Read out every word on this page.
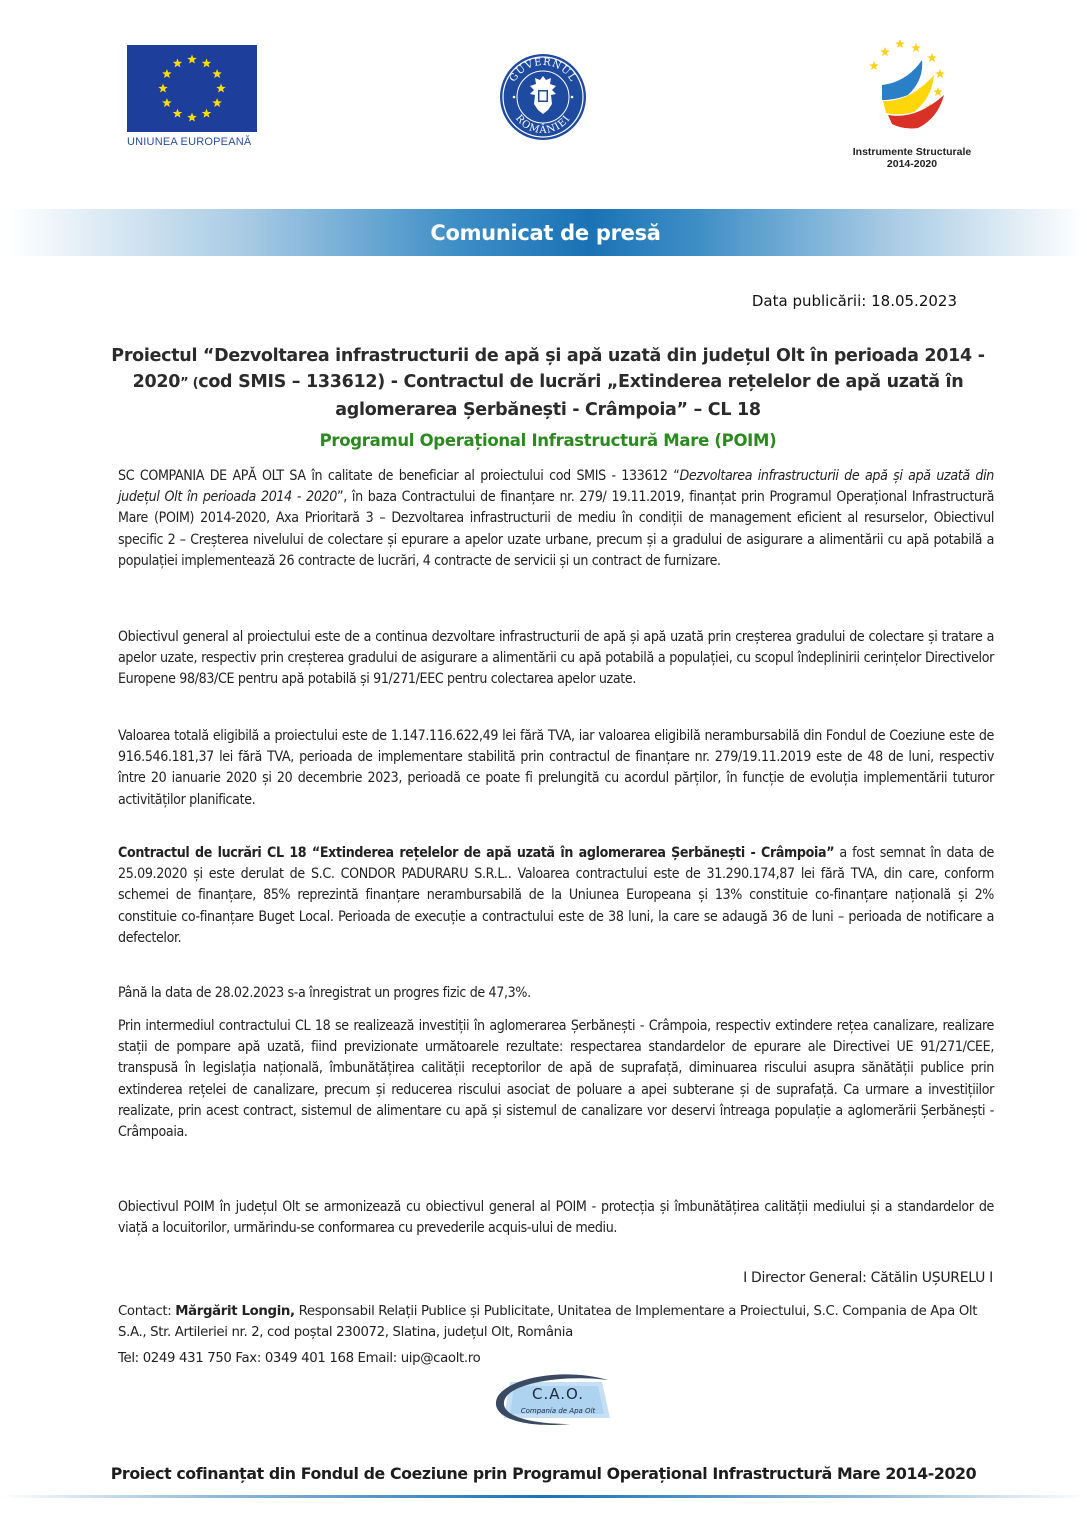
UNIUNEA EUROPEANĂ
GUVERNUL
ROMÂNIEI
Instrumente Structurale
2014-2020
Comunicat de presă
Data publicării: 18.05.2023
Proiectul “Dezvoltarea infrastructurii de apă și apă uzată din județul Olt în perioada 2014 - 2020” (cod SMIS – 133612) - Contractul de lucrări „Extinderea rețelelor de apă uzată în aglomerarea Șerbănești - Crâmpoia” – CL 18
Programul Operațional Infrastructură Mare (POIM)
SC COMPANIA DE APĂ OLT SA în calitate de beneficiar al proiectului cod SMIS - 133612 “Dezvoltarea infrastructurii de apă și apă uzată din județul Olt în perioada 2014 - 2020”, în baza Contractului de finanțare nr. 279/ 19.11.2019, finanțat prin Programul Operațional Infrastructură Mare (POIM) 2014-2020, Axa Prioritară 3 – Dezvoltarea infrastructurii de mediu în condiții de management eficient al resurselor, Obiectivul specific 2 – Creșterea nivelului de colectare și epurare a apelor uzate urbane, precum și a gradului de asigurare a alimentării cu apă potabilă a populației implementează 26 contracte de lucrări, 4 contracte de servicii și un contract de furnizare.
Obiectivul general al proiectului este de a continua dezvoltare infrastructurii de apă și apă uzată prin creșterea gradului de colectare și tratare a apelor uzate, respectiv prin creșterea gradului de asigurare a alimentării cu apă potabilă a populației, cu scopul îndeplinirii cerințelor Directivelor Europene 98/83/CE pentru apă potabilă și 91/271/EEC pentru colectarea apelor uzate.
Valoarea totală eligibilă a proiectului este de 1.147.116.622,49 lei fără TVA, iar valoarea eligibilă nerambursabilă din Fondul de Coeziune este de 916.546.181,37 lei fără TVA, perioada de implementare stabilită prin contractul de finanțare nr. 279/19.11.2019 este de 48 de luni, respectiv între 20 ianuarie 2020 și 20 decembrie 2023, perioadă ce poate fi prelungită cu acordul părților, în funcție de evoluția implementării tuturor activităților planificate.
Contractul de lucrări CL 18 “Extinderea rețelelor de apă uzată în aglomerarea Șerbănești - Crâmpoia” a fost semnat în data de 25.09.2020 și este derulat de S.C. CONDOR PADURARU S.R.L.. Valoarea contractului este de 31.290.174,87 lei fără TVA, din care, conform schemei de finanțare, 85% reprezintă finanțare nerambursabilă de la Uniunea Europeana și 13% constituie co-finanțare națională și 2% constituie co-finanțare Buget Local. Perioada de execuție a contractului este de 38 luni, la care se adaugă 36 de luni – perioada de notificare a defectelor.
Până la data de 28.02.2023 s-a înregistrat un progres fizic de 47,3%.
Prin intermediul contractului CL 18 se realizează investiții în aglomerarea Șerbănești - Crâmpoia, respectiv extindere rețea canalizare, realizare stații de pompare apă uzată, fiind previzionate următoarele rezultate: respectarea standardelor de epurare ale Directivei UE 91/271/CEE, transpusă în legislația națională, îmbunătățirea calității receptorilor de apă de suprafață, diminuarea riscului asupra sănătății publice prin extinderea rețelei de canalizare, precum și reducerea riscului asociat de poluare a apei subterane și de suprafață. Ca urmare a investițiilor realizate, prin acest contract, sistemul de alimentare cu apă și sistemul de canalizare vor deservi întreaga populație a aglomerării Șerbănești - Crâmpoaia.
Obiectivul POIM în județul Olt se armonizează cu obiectivul general al POIM - protecția și îmbunătățirea calității mediului și a standardelor de viață a locuitorilor, urmărindu-se conformarea cu prevederile acquis-ului de mediu.
I Director General: Cătălin UȘURELU I
Contact: Mărgărit Longin, Responsabil Relații Publice și Publicitate, Unitatea de Implementare a Proiectului, S.C. Compania de Apa Olt S.A., Str. Artileriei nr. 2, cod poștal 230072, Slatina, județul Olt, România
Tel: 0249 431 750 Fax: 0349 401 168 Email: uip@caolt.ro
C.A.O.
Companía de Apa Olt
Proiect cofinanțat din Fondul de Coeziune prin Programul Operațional Infrastructură Mare 2014-2020
